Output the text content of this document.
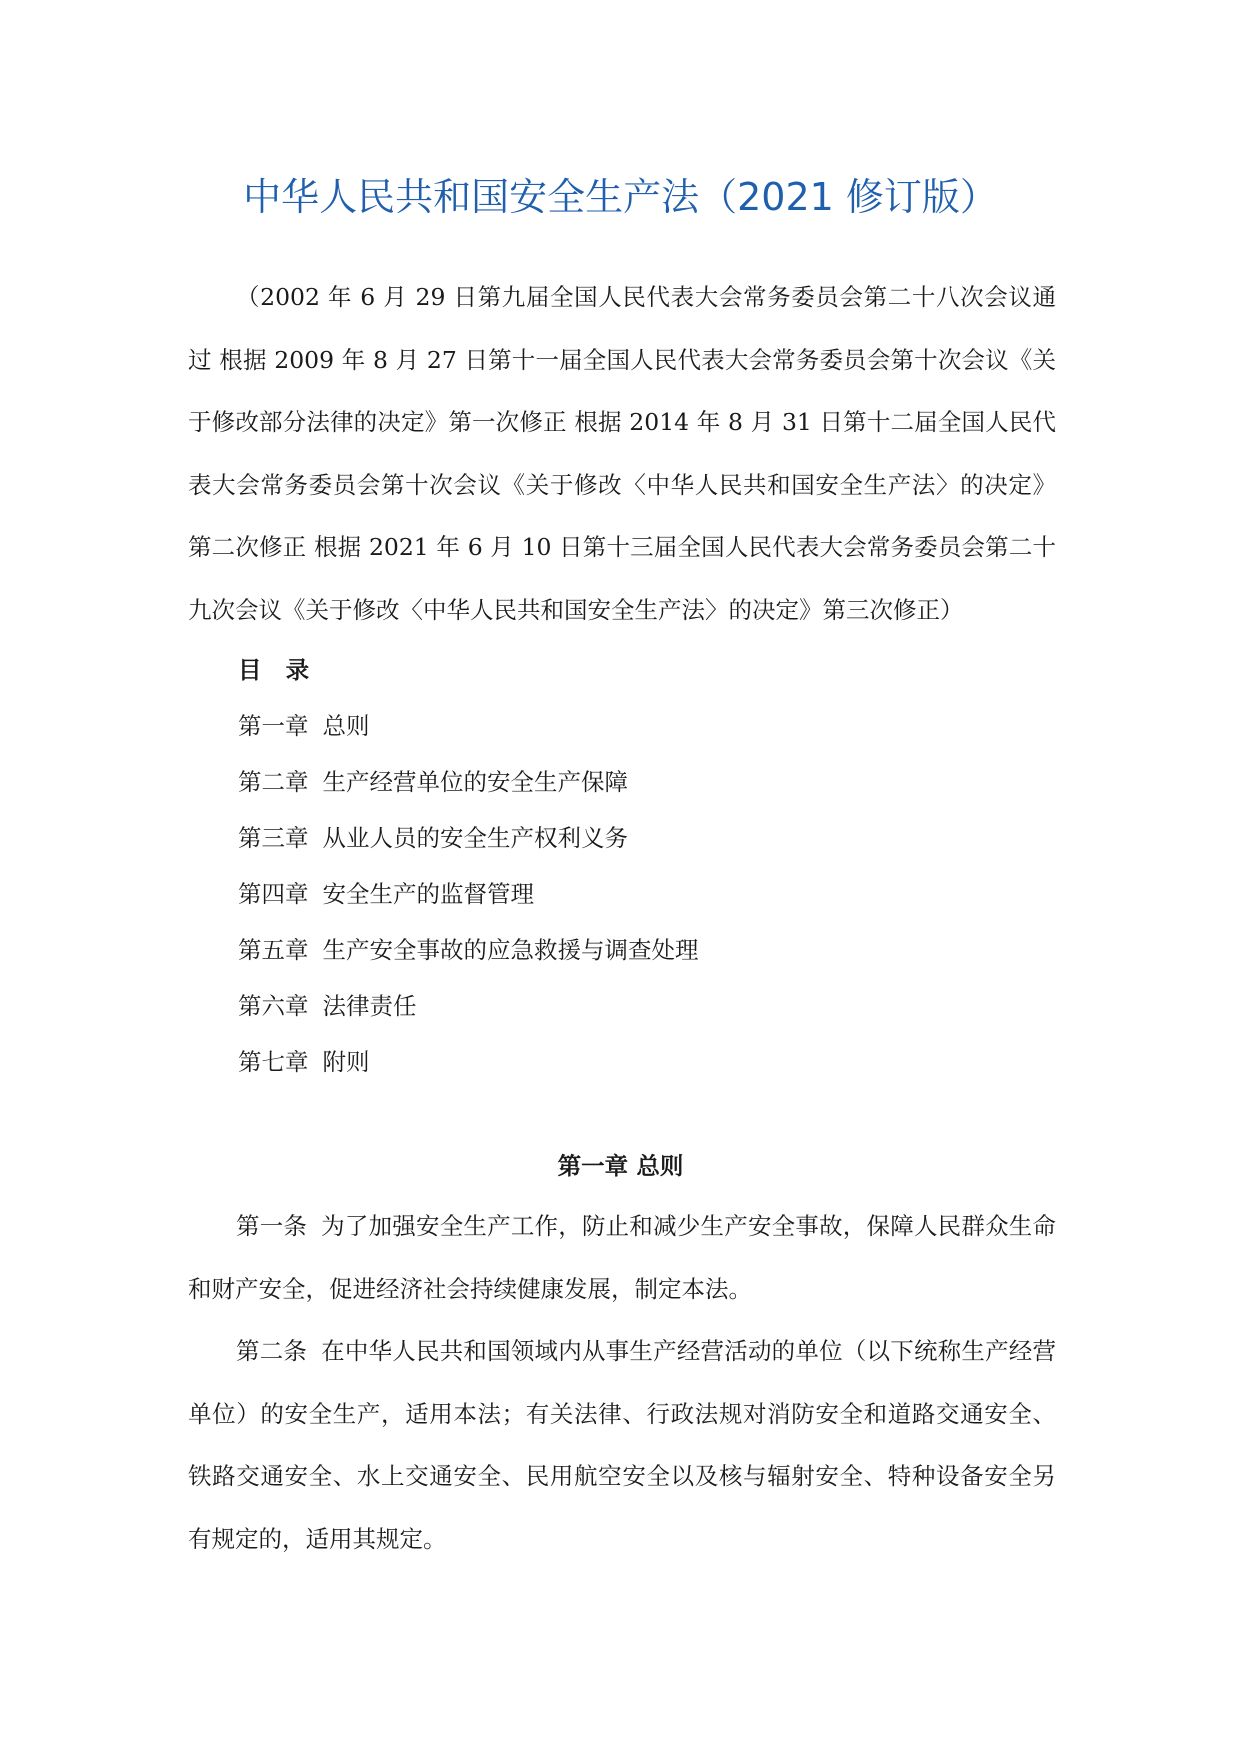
中华人民共和国安全生产法（2021 修订版）
（2002 年 6 月 29 日第九届全国人民代表大会常务委员会第二十八次会议通过 根据 2009 年 8 月 27 日第十一届全国人民代表大会常务委员会第十次会议《关于修改部分法律的决定》第一次修正 根据 2014 年 8 月 31 日第十二届全国人民代表大会常务委员会第十次会议《关于修改〈中华人民共和国安全生产法〉的决定》第二次修正 根据 2021 年 6 月 10 日第十三届全国人民代表大会常务委员会第二十九次会议《关于修改〈中华人民共和国安全生产法〉的决定》第三次修正）
目 录
第一章 总则
第二章 生产经营单位的安全生产保障
第三章 从业人员的安全生产权利义务
第四章 安全生产的监督管理
第五章 生产安全事故的应急救援与调查处理
第六章 法律责任
第七章 附则
第一章 总则
第一条 为了加强安全生产工作，防止和减少生产安全事故，保障人民群众生命和财产安全，促进经济社会持续健康发展，制定本法。
第二条 在中华人民共和国领域内从事生产经营活动的单位（以下统称生产经营单位）的安全生产，适用本法；有关法律、行政法规对消防安全和道路交通安全、铁路交通安全、水上交通安全、民用航空安全以及核与辐射安全、特种设备安全另有规定的，适用其规定。
